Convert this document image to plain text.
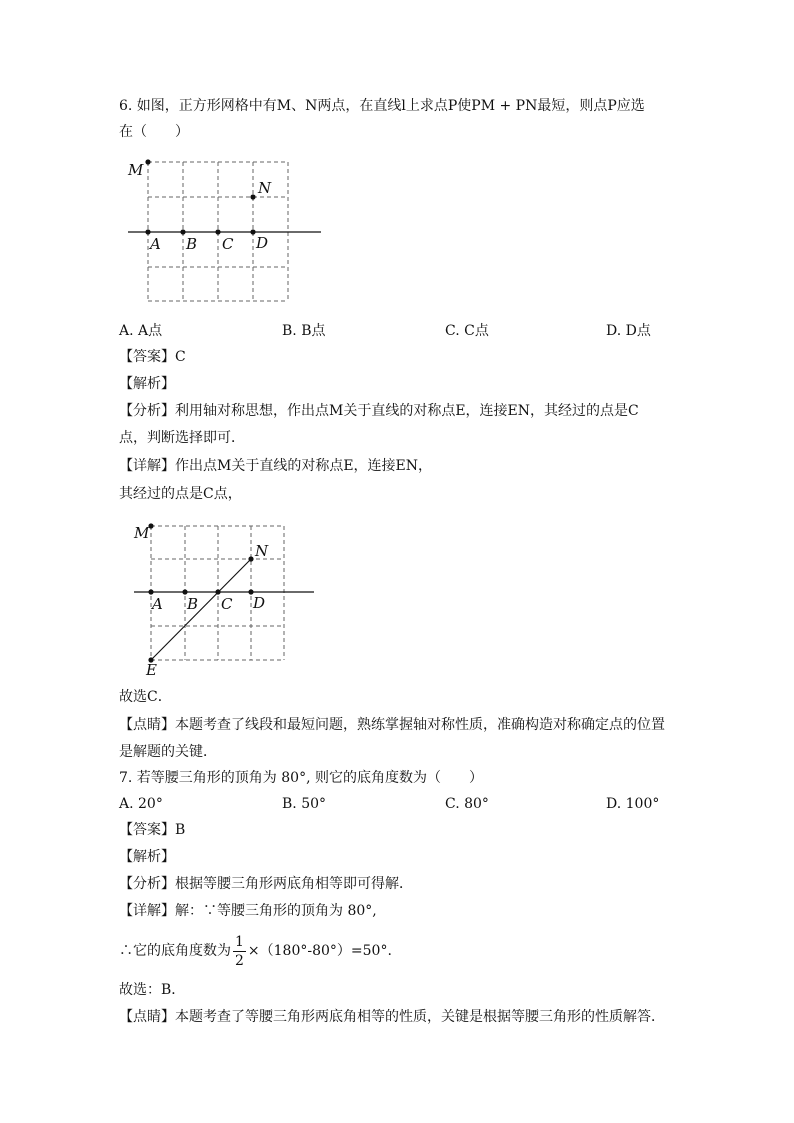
6. 如图，正方形网格中有M、N两点，在直线l上求点P使PM + PN最短，则点P应选
在（　　）
M
N
A B C D
A. A点	B. B点	C. C点	D. D点
【答案】C
【解析】
【分析】利用轴对称思想，作出点M关于直线的对称点E，连接EN，其经过的点是C
点，判断选择即可．
【详解】作出点M关于直线的对称点E，连接EN，
其经过的点是C点，
M
N
A B C D
E
故选C．
【点睛】本题考查了线段和最短问题，熟练掌握轴对称性质，准确构造对称确定点的位置
是解题的关键．
7. 若等腰三角形的顶角为 80°, 则它的底角度数为（　　）
A. 20°	B. 50°	C. 80°	D. 100°
【答案】B
【解析】
【分析】根据等腰三角形两底角相等即可得解．
【详解】解：∵等腰三角形的顶角为 80°,
∴它的底角度数为 $\frac{1}{2} \times(180^\circ-80^\circ)=50^\circ$.
故选：B．
【点睛】本题考查了等腰三角形两底角相等的性质，关键是根据等腰三角形的性质解答．
